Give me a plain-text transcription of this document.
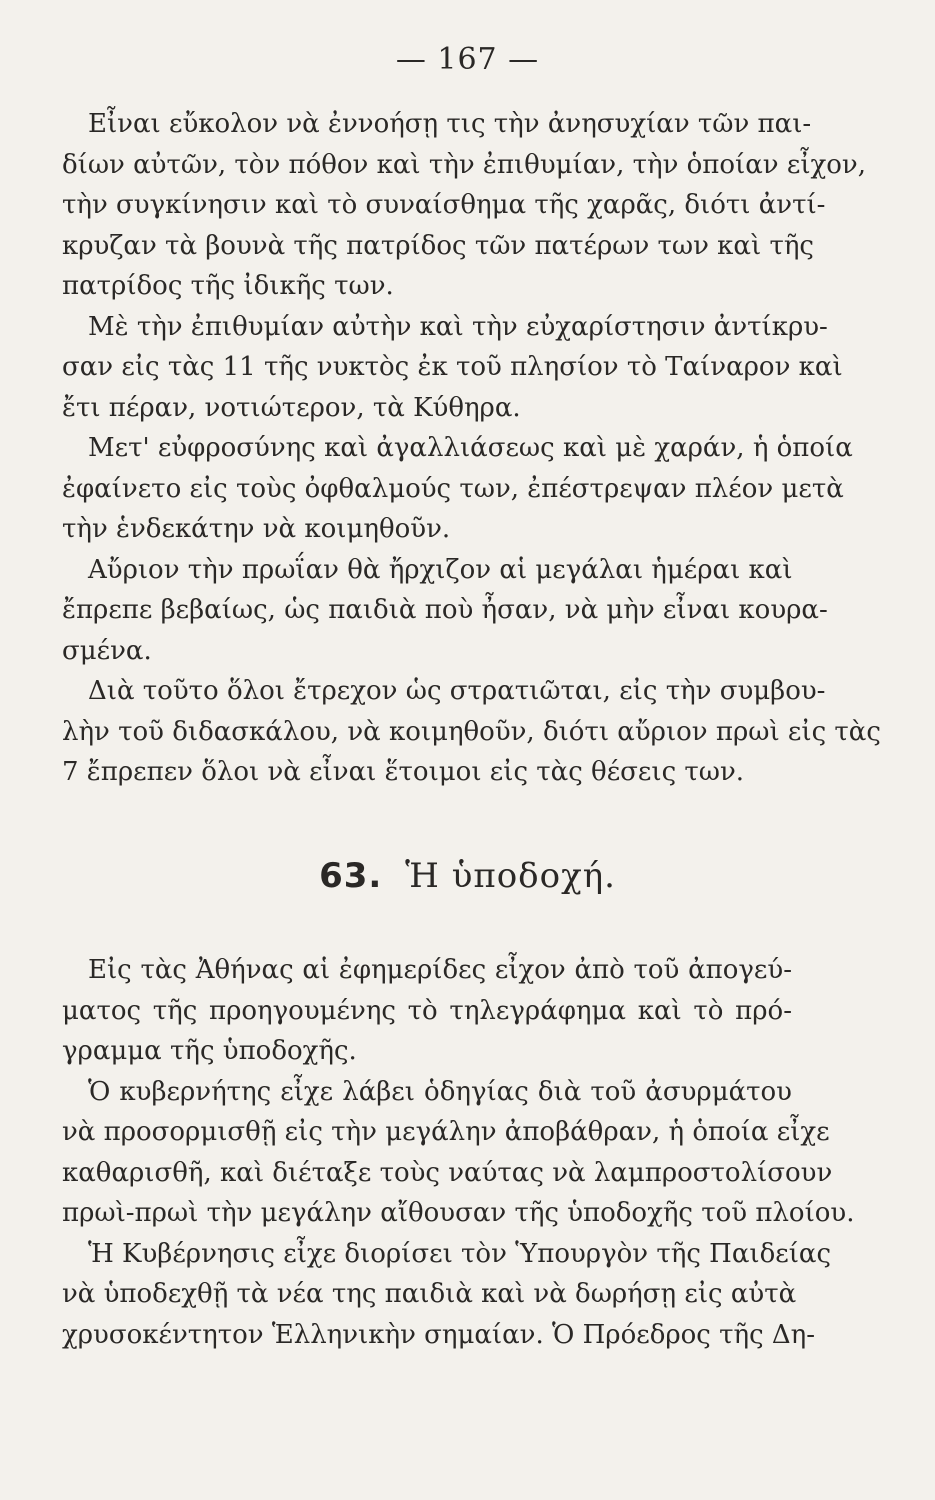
— 167 —
Εἶναι εὔκολον νὰ ἐννοήσῃ τις τὴν ἀνησυχίαν τῶν παι-
δίων αὐτῶν, τὸν πόθον καὶ τὴν ἐπιθυμίαν, τὴν ὁποίαν εἶχον,
τὴν συγκίνησιν καὶ τὸ συναίσθημα τῆς χαρᾶς, διότι ἀντί-
κρυζαν τὰ βουνὰ τῆς πατρίδος τῶν πατέρων των καὶ τῆς
πατρίδος τῆς ἰδικῆς των.
Μὲ τὴν ἐπιθυμίαν αὐτὴν καὶ τὴν εὐχαρίστησιν ἀντίκρυ-
σαν εἰς τὰς 11 τῆς νυκτὸς ἐκ τοῦ πλησίον τὸ Ταίναρον καὶ
ἔτι πέραν, νοτιώτερον, τὰ Κύθηρα.
Μετ' εὐφροσύνης καὶ ἀγαλλιάσεως καὶ μὲ χαράν, ἡ ὁποία
ἐφαίνετο εἰς τοὺς ὀφθαλμούς των, ἐπέστρεψαν πλέον μετὰ
τὴν ἑνδεκάτην νὰ κοιμηθοῦν.
Αὔριον τὴν πρωΐαν θὰ ἤρχιζον αἱ μεγάλαι ἡμέραι καὶ
ἔπρεπε βεβαίως, ὡς παιδιὰ ποὺ ἦσαν, νὰ μὴν εἶναι κουρα-
σμένα.
Διὰ τοῦτο ὅλοι ἔτρεχον ὡς στρατιῶται, εἰς τὴν συμβου-
λὴν τοῦ διδασκάλου, νὰ κοιμηθοῦν, διότι αὔριον πρωὶ εἰς τὰς
7 ἔπρεπεν ὅλοι νὰ εἶναι ἕτοιμοι εἰς τὰς θέσεις των.
63. Ἡ ὑποδοχή.
Εἰς τὰς Ἀθήνας αἱ ἐφημερίδες εἶχον ἀπὸ τοῦ ἀπογεύ-
ματος τῆς προηγουμένης τὸ τηλεγράφημα καὶ τὸ πρό-
γραμμα τῆς ὑποδοχῆς.
Ὁ κυβερνήτης εἶχε λάβει ὁδηγίας διὰ τοῦ ἀσυρμάτου
νὰ προσορμισθῇ εἰς τὴν μεγάλην ἀποβάθραν, ἡ ὁποία εἶχε
καθαρισθῆ, καὶ διέταξε τοὺς ναύτας νὰ λαμπροστολίσουν
πρωὶ-πρωὶ τὴν μεγάλην αἴθουσαν τῆς ὑποδοχῆς τοῦ πλοίου.
Ἡ Κυβέρνησις εἶχε διορίσει τὸν Ὑπουργὸν τῆς Παιδείας
νὰ ὑποδεχθῇ τὰ νέα της παιδιὰ καὶ νὰ δωρήσῃ εἰς αὐτὰ
χρυσοκέντητον Ἑλληνικὴν σημαίαν. Ὁ Πρόεδρος τῆς Δη-
